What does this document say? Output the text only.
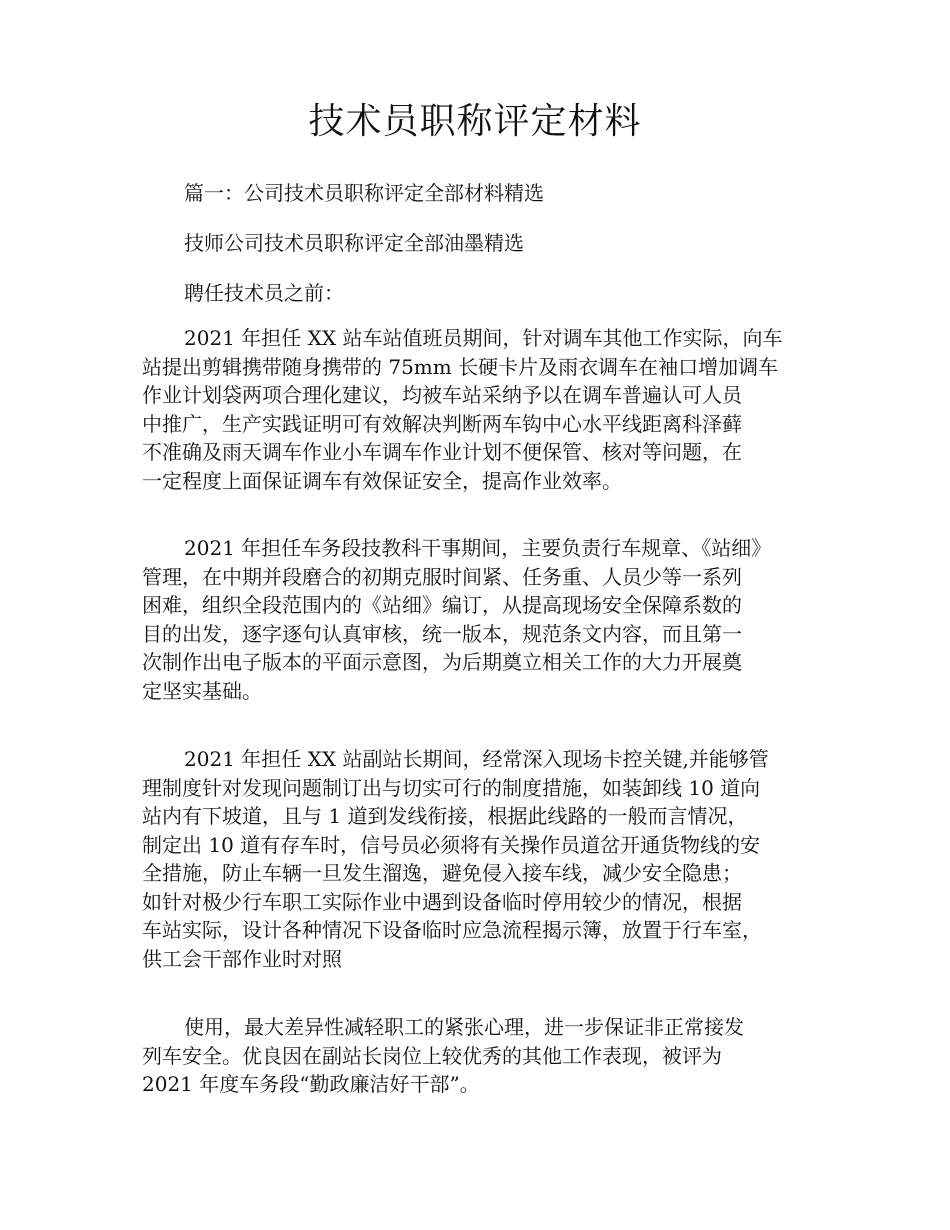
技术员职称评定材料
篇一：公司技术员职称评定全部材料精选
技师公司技术员职称评定全部油墨精选
聘任技术员之前：
2021 年担任 XX 站车站值班员期间，针对调车其他工作实际，向车
站提出剪辑携带随身携带的 75mm 长硬卡片及雨衣调车在袖口增加调车
作业计划袋两项合理化建议，均被车站采纳予以在调车普遍认可人员
中推广，生产实践证明可有效解决判断两车钩中心水平线距离科泽藓
不准确及雨天调车作业小车调车作业计划不便保管、核对等问题，在
一定程度上面保证调车有效保证安全，提高作业效率。
2021 年担任车务段技教科干事期间，主要负责行车规章、《站细》
管理，在中期并段磨合的初期克服时间紧、任务重、人员少等一系列
困难，组织全段范围内的《站细》编订，从提高现场安全保障系数的
目的出发，逐字逐句认真审核，统一版本，规范条文内容，而且第一
次制作出电子版本的平面示意图，为后期奠立相关工作的大力开展奠
定坚实基础。
2021 年担任 XX 站副站长期间，经常深入现场卡控关键,并能够管
理制度针对发现问题制订出与切实可行的制度措施，如装卸线 10 道向
站内有下坡道，且与 1 道到发线衔接，根据此线路的一般而言情况，
制定出 10 道有存车时，信号员必须将有关操作员道岔开通货物线的安
全措施，防止车辆一旦发生溜逸，避免侵入接车线，减少安全隐患；
如针对极少行车职工实际作业中遇到设备临时停用较少的情况，根据
车站实际，设计各种情况下设备临时应急流程揭示簿，放置于行车室，
供工会干部作业时对照
使用，最大差异性减轻职工的紧张心理，进一步保证非正常接发
列车安全。优良因在副站长岗位上较优秀的其他工作表现，被评为
2021 年度车务段“勤政廉洁好干部”。
